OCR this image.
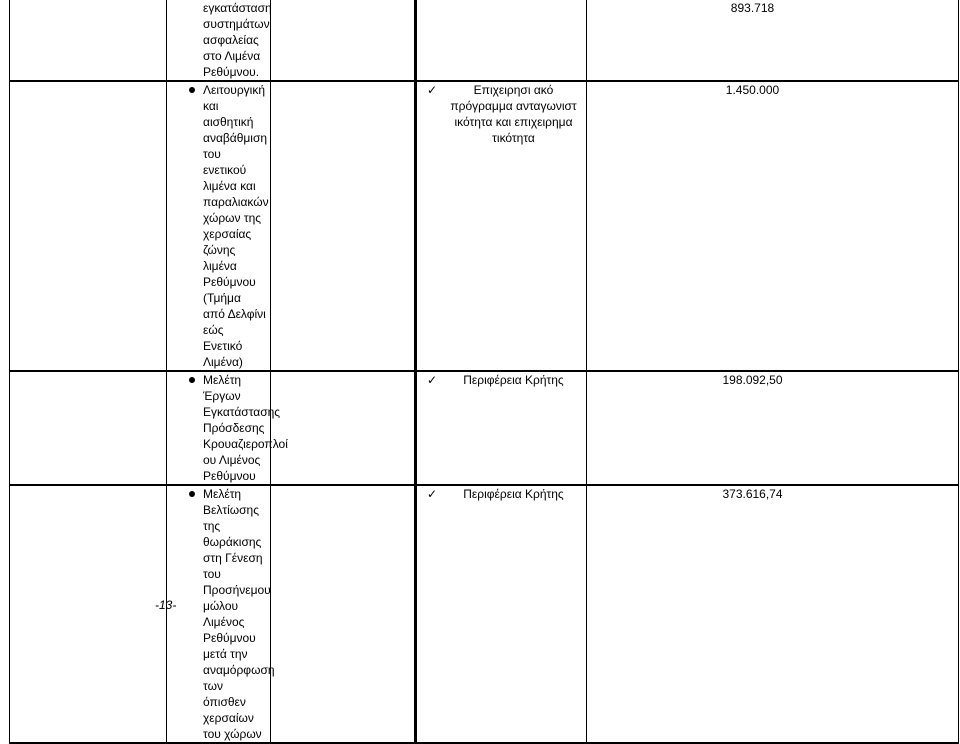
	εγκατάσταση συστημάτων ασφαλείας στο Λιμένα Ρεθύμνου.			893.718

Λειτουργική και αισθητική αναβάθμιση του ενετικού λιμένα και παραλιακών χώρων της χερσαίας ζώνης λιμένα Ρεθύμνου (Τμήμα από Δελφίνι εώς Ενετικό Λιμένα)		✓ Επιχειρησι ακό πρόγραμμα ανταγωνιστ ικότητα και επιχειρημα τικότητα	1.450.000

Μελέτη Έργων Εγκατάστασης Πρόσδεσης Κρουαζιεροπλοί ου Λιμένος Ρεθύμνου		✓ Περιφέρεια Κρήτης	198.092,50

Μελέτη Βελτίωσης της θωράκισης στη Γένεση του Προσήνεμου μώλου Λιμένος Ρεθύμνου μετά την αναμόρφωση των όπισθεν χερσαίων του χώρων		✓ Περιφέρεια Κρήτης	373.616,74
-13-
